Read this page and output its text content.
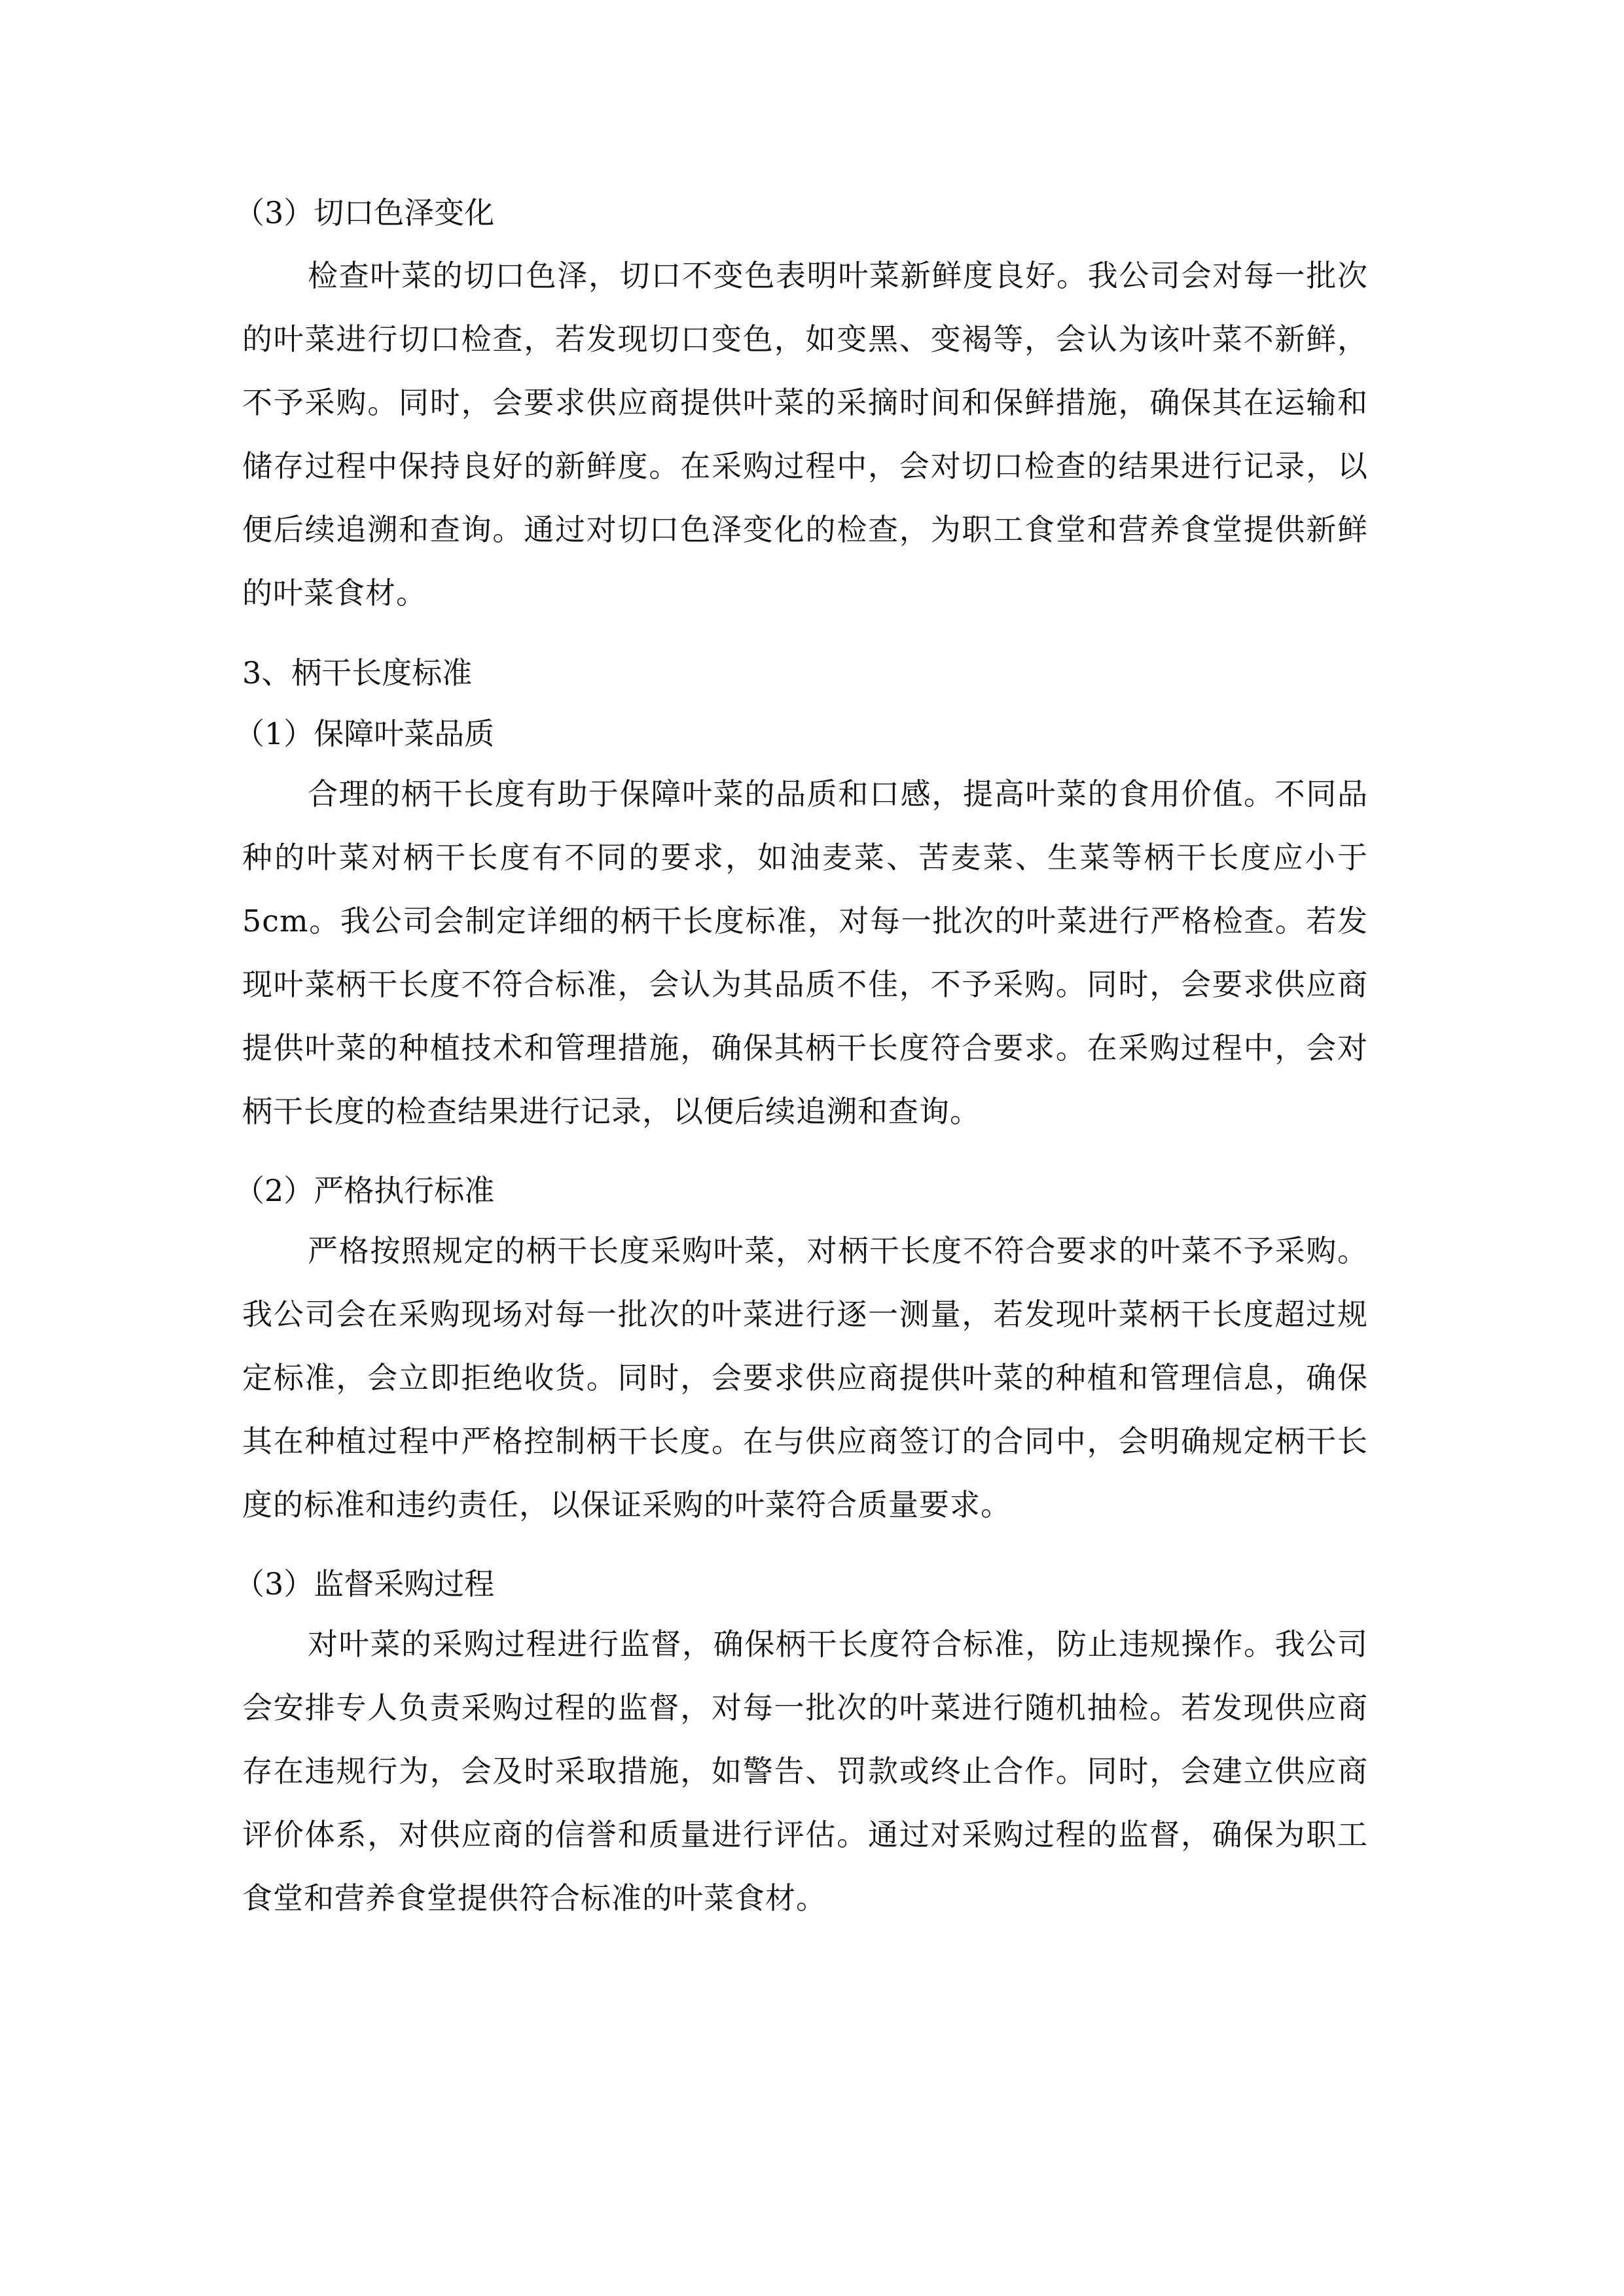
（3）切口色泽变化

检查叶菜的切口色泽，切口不变色表明叶菜新鲜度良好。我公司会对每一批次的叶菜进行切口检查，若发现切口变色，如变黑、变褐等，会认为该叶菜不新鲜，不予采购。同时，会要求供应商提供叶菜的采摘时间和保鲜措施，确保其在运输和储存过程中保持良好的新鲜度。在采购过程中，会对切口检查的结果进行记录，以便后续追溯和查询。通过对切口色泽变化的检查，为职工食堂和营养食堂提供新鲜的叶菜食材。

3、柄干长度标准

（1）保障叶菜品质

合理的柄干长度有助于保障叶菜的品质和口感，提高叶菜的食用价值。不同品种的叶菜对柄干长度有不同的要求，如油麦菜、苦麦菜、生菜等柄干长度应小于 5cm。我公司会制定详细的柄干长度标准，对每一批次的叶菜进行严格检查。若发现叶菜柄干长度不符合标准，会认为其品质不佳，不予采购。同时，会要求供应商提供叶菜的种植技术和管理措施，确保其柄干长度符合要求。在采购过程中，会对柄干长度的检查结果进行记录，以便后续追溯和查询。

（2）严格执行标准

严格按照规定的柄干长度采购叶菜，对柄干长度不符合要求的叶菜不予采购。我公司会在采购现场对每一批次的叶菜进行逐一测量，若发现叶菜柄干长度超过规定标准，会立即拒绝收货。同时，会要求供应商提供叶菜的种植和管理信息，确保其在种植过程中严格控制柄干长度。在与供应商签订的合同中，会明确规定柄干长度的标准和违约责任，以保证采购的叶菜符合质量要求。

（3）监督采购过程

对叶菜的采购过程进行监督，确保柄干长度符合标准，防止违规操作。我公司会安排专人负责采购过程的监督，对每一批次的叶菜进行随机抽检。若发现供应商存在违规行为，会及时采取措施，如警告、罚款或终止合作。同时，会建立供应商评价体系，对供应商的信誉和质量进行评估。通过对采购过程的监督，确保为职工食堂和营养食堂提供符合标准的叶菜食材。
